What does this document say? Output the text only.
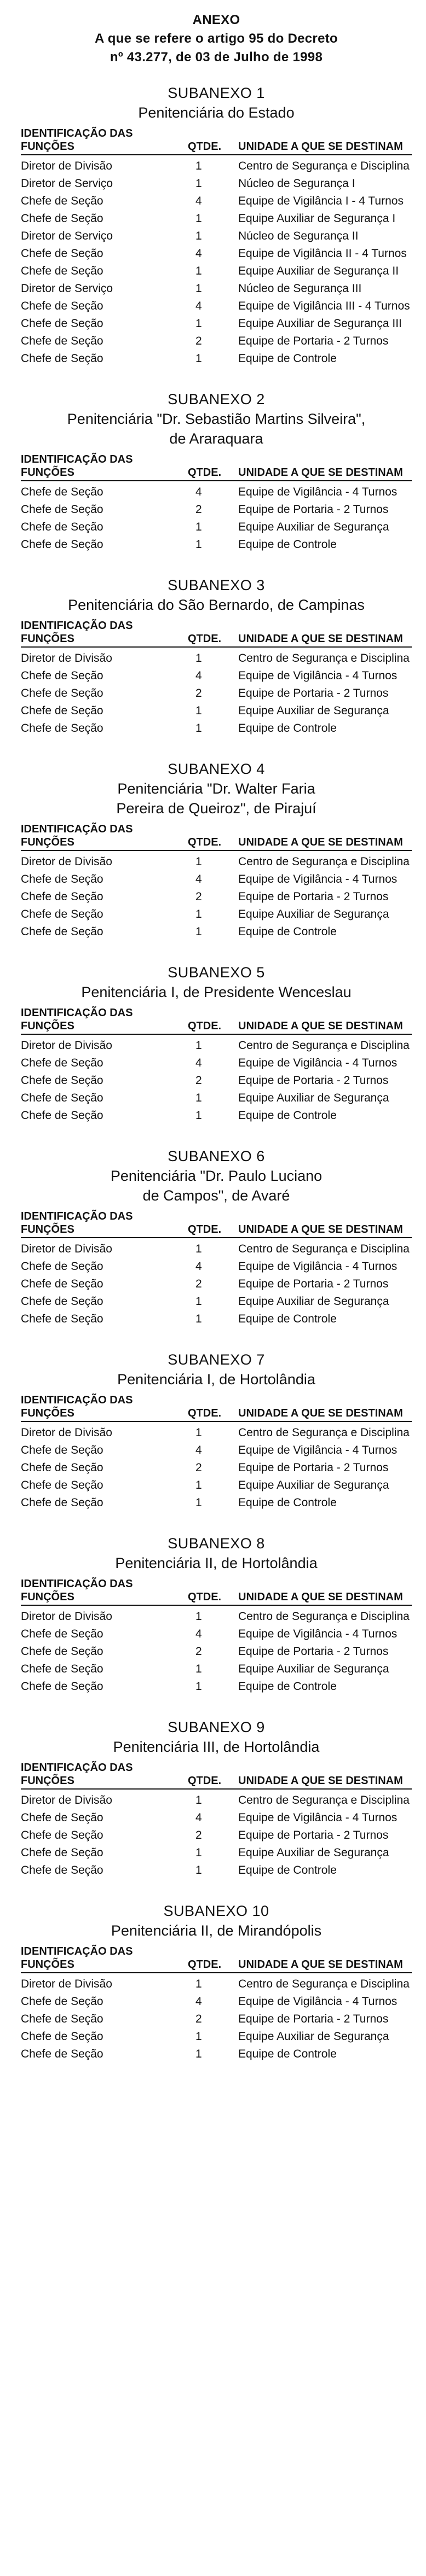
ANEXO
A que se refere o artigo 95 do Decreto
nº 43.277, de 03 de Julho de 1998
SUBANEXO 1
Penitenciária do Estado
IDENTIFICAÇÃO DAS
FUNÇÕES	QTDE.	UNIDADE A QUE SE DESTINAM
Diretor de Divisão	1	Centro de Segurança e Disciplina
Diretor de Serviço	1	Núcleo de Segurança I
Chefe de Seção	4	Equipe de Vigilância I - 4 Turnos
Chefe de Seção	1	Equipe Auxiliar de Segurança I
Diretor de Serviço	1	Núcleo de Segurança II
Chefe de Seção	4	Equipe de Vigilância II - 4 Turnos
Chefe de Seção	1	Equipe Auxiliar de Segurança II
Diretor de Serviço	1	Núcleo de Segurança III
Chefe de Seção	4	Equipe de Vigilância III - 4 Turnos
Chefe de Seção	1	Equipe Auxiliar de Segurança III
Chefe de Seção	2	Equipe de Portaria - 2 Turnos
Chefe de Seção	1	Equipe de Controle
SUBANEXO 2
Penitenciária "Dr. Sebastião Martins Silveira",
de Araraquara
IDENTIFICAÇÃO DAS
FUNÇÕES	QTDE.	UNIDADE A QUE SE DESTINAM
Chefe de Seção	4	Equipe de Vigilância - 4 Turnos
Chefe de Seção	2	Equipe de Portaria - 2 Turnos
Chefe de Seção	1	Equipe Auxiliar de Segurança
Chefe de Seção	1	Equipe de Controle
SUBANEXO 3
Penitenciária do São Bernardo, de Campinas
IDENTIFICAÇÃO DAS
FUNÇÕES	QTDE.	UNIDADE A QUE SE DESTINAM
Diretor de Divisão	1	Centro de Segurança e Disciplina
Chefe de Seção	4	Equipe de Vigilância - 4 Turnos
Chefe de Seção	2	Equipe de Portaria - 2 Turnos
Chefe de Seção	1	Equipe Auxiliar de Segurança
Chefe de Seção	1	Equipe de Controle
SUBANEXO 4
Penitenciária "Dr. Walter Faria
Pereira de Queiroz", de Pirajuí
IDENTIFICAÇÃO DAS
FUNÇÕES	QTDE.	UNIDADE A QUE SE DESTINAM
Diretor de Divisão	1	Centro de Segurança e Disciplina
Chefe de Seção	4	Equipe de Vigilância - 4 Turnos
Chefe de Seção	2	Equipe de Portaria - 2 Turnos
Chefe de Seção	1	Equipe Auxiliar de Segurança
Chefe de Seção	1	Equipe de Controle
SUBANEXO 5
Penitenciária I, de Presidente Wenceslau
IDENTIFICAÇÃO DAS
FUNÇÕES	QTDE.	UNIDADE A QUE SE DESTINAM
Diretor de Divisão	1	Centro de Segurança e Disciplina
Chefe de Seção	4	Equipe de Vigilância - 4 Turnos
Chefe de Seção	2	Equipe de Portaria - 2 Turnos
Chefe de Seção	1	Equipe Auxiliar de Segurança
Chefe de Seção	1	Equipe de Controle
SUBANEXO 6
Penitenciária "Dr. Paulo Luciano
de Campos", de Avaré
IDENTIFICAÇÃO DAS
FUNÇÕES	QTDE.	UNIDADE A QUE SE DESTINAM
Diretor de Divisão	1	Centro de Segurança e Disciplina
Chefe de Seção	4	Equipe de Vigilância - 4 Turnos
Chefe de Seção	2	Equipe de Portaria - 2 Turnos
Chefe de Seção	1	Equipe Auxiliar de Segurança
Chefe de Seção	1	Equipe de Controle
SUBANEXO 7
Penitenciária I, de Hortolândia
IDENTIFICAÇÃO DAS
FUNÇÕES	QTDE.	UNIDADE A QUE SE DESTINAM
Diretor de Divisão	1	Centro de Segurança e Disciplina
Chefe de Seção	4	Equipe de Vigilância - 4 Turnos
Chefe de Seção	2	Equipe de Portaria - 2 Turnos
Chefe de Seção	1	Equipe Auxiliar de Segurança
Chefe de Seção	1	Equipe de Controle
SUBANEXO 8
Penitenciária II, de Hortolândia
IDENTIFICAÇÃO DAS
FUNÇÕES	QTDE.	UNIDADE A QUE SE DESTINAM
Diretor de Divisão	1	Centro de Segurança e Disciplina
Chefe de Seção	4	Equipe de Vigilância - 4 Turnos
Chefe de Seção	2	Equipe de Portaria - 2 Turnos
Chefe de Seção	1	Equipe Auxiliar de Segurança
Chefe de Seção	1	Equipe de Controle
SUBANEXO 9
Penitenciária III, de Hortolândia
IDENTIFICAÇÃO DAS
FUNÇÕES	QTDE.	UNIDADE A QUE SE DESTINAM
Diretor de Divisão	1	Centro de Segurança e Disciplina
Chefe de Seção	4	Equipe de Vigilância - 4 Turnos
Chefe de Seção	2	Equipe de Portaria - 2 Turnos
Chefe de Seção	1	Equipe Auxiliar de Segurança
Chefe de Seção	1	Equipe de Controle
SUBANEXO 10
Penitenciária II, de Mirandópolis
IDENTIFICAÇÃO DAS
FUNÇÕES	QTDE.	UNIDADE A QUE SE DESTINAM
Diretor de Divisão	1	Centro de Segurança e Disciplina
Chefe de Seção	4	Equipe de Vigilância - 4 Turnos
Chefe de Seção	2	Equipe de Portaria - 2 Turnos
Chefe de Seção	1	Equipe Auxiliar de Segurança
Chefe de Seção	1	Equipe de Controle
